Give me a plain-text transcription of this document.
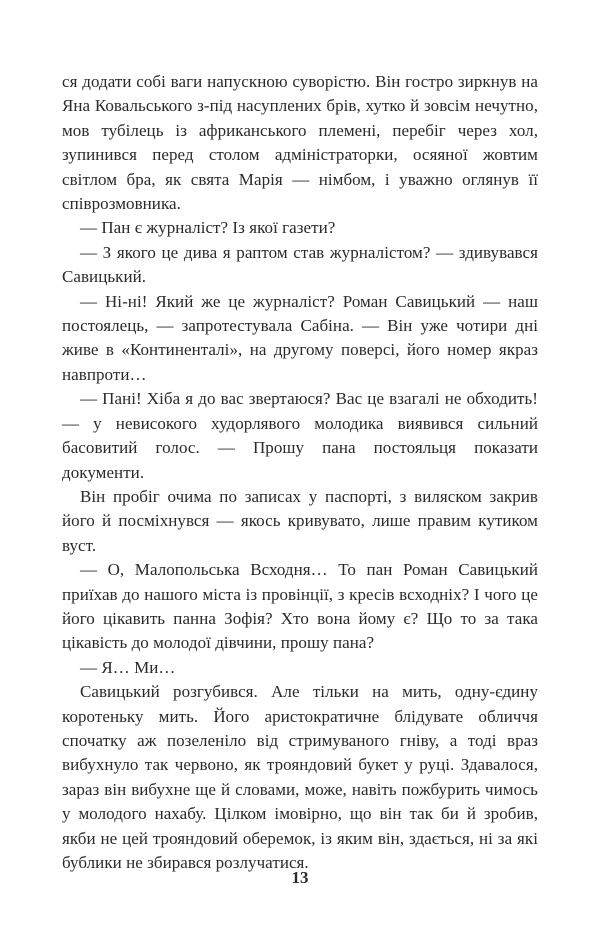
ся додати собі ваги напускною суворістю. Він гостро зиркнув на Яна Ковальського з-під насуплених брів, хутко й зовсім нечутно, мов тубілець із африканського племені, перебіг через хол, зупинився перед столом адміністраторки, осяяної жовтим світлом бра, як свята Марія — німбом, і уважно оглянув її співрозмовника.

— Пан є журналіст? Із якої газети?

— З якого це дива я раптом став журналістом? — здивувався Савицький.

— Ні-ні! Який же це журналіст? Роман Савицький — наш постоялець, — запротестувала Сабіна. — Він уже чотири дні живе в «Континенталі», на другому поверсі, його номер якраз навпроти…

— Пані! Хіба я до вас звертаюся? Вас це взагалі не обходить! — у невисокого худорлявого молодика виявився сильний басовитий голос. — Прошу пана постояльця показати документи.

Він пробіг очима по записах у паспорті, з виляском закрив його й посміхнувся — якось кривувато, лише правим кутиком вуст.

— О, Малопольська Всходня… То пан Роман Савицький приїхав до нашого міста із провінції, з кресів всходніх? І чого це його цікавить панна Зофія? Хто вона йому є? Що то за така цікавість до молодої дівчини, прошу пана?

— Я… Ми…

Савицький розгубився. Але тільки на мить, одну-єдину коротеньку мить. Його аристократичне блідувате обличчя спочатку аж позеленіло від стримуваного гніву, а тоді враз вибухнуло так червоно, як трояндовий букет у руці. Здавалося, зараз він вибухне ще й словами, може, навіть пожбурить чимось у молодого нахабу. Цілком імовірно, що він так би й зробив, якби не цей трояндовий оберемок, із яким він, здається, ні за які бублики не збирався розлучатися.

13
